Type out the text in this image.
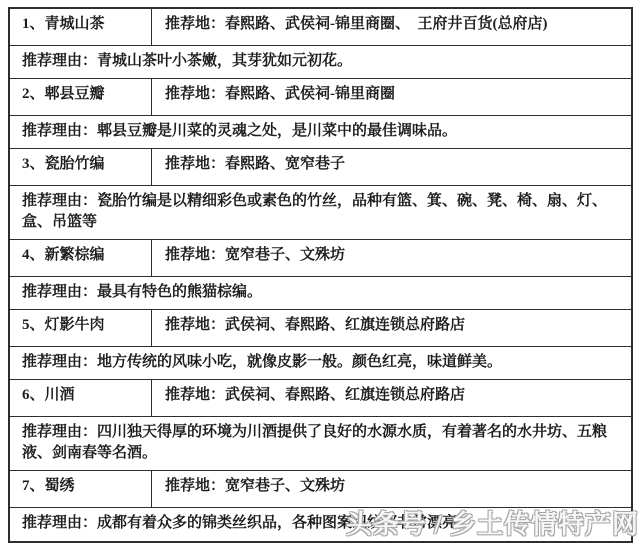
1、青城山茶	推荐地：春熙路、武侯祠-锦里商圈、　王府井百货(总府店)
推荐理由：青城山茶叶小茶嫩，其芽犹如元初花。
2、郫县豆瓣	推荐地：春熙路、武侯祠-锦里商圈
推荐理由：郫县豆瓣是川菜的灵魂之处，是川菜中的最佳调味品。
3、瓷胎竹编	推荐地：春熙路、宽窄巷子
推荐理由：瓷胎竹编是以精细彩色或素色的竹丝，品种有篮、箕、碗、凳、椅、扇、灯、盒、吊篮等
4、新繁棕编	推荐地：宽窄巷子、文殊坊
推荐理由：最具有特色的熊猫棕编。
5、灯影牛肉	推荐地：武侯祠、春熙路、红旗连锁总府路店
推荐理由：地方传统的风味小吃，就像皮影一般。颜色红亮，味道鲜美。
6、川酒	推荐地：武侯祠、春熙路、红旗连锁总府路店
推荐理由：四川独天得厚的环境为川酒提供了良好的水源水质，有着著名的水井坊、五粮液、剑南春等名酒。
7、蜀绣	推荐地：宽窄巷子、文殊坊
推荐理由：成都有着众多的锦类丝织品，各种图案织纹都非常漂亮。
头条号 / 乡土传情特产网
